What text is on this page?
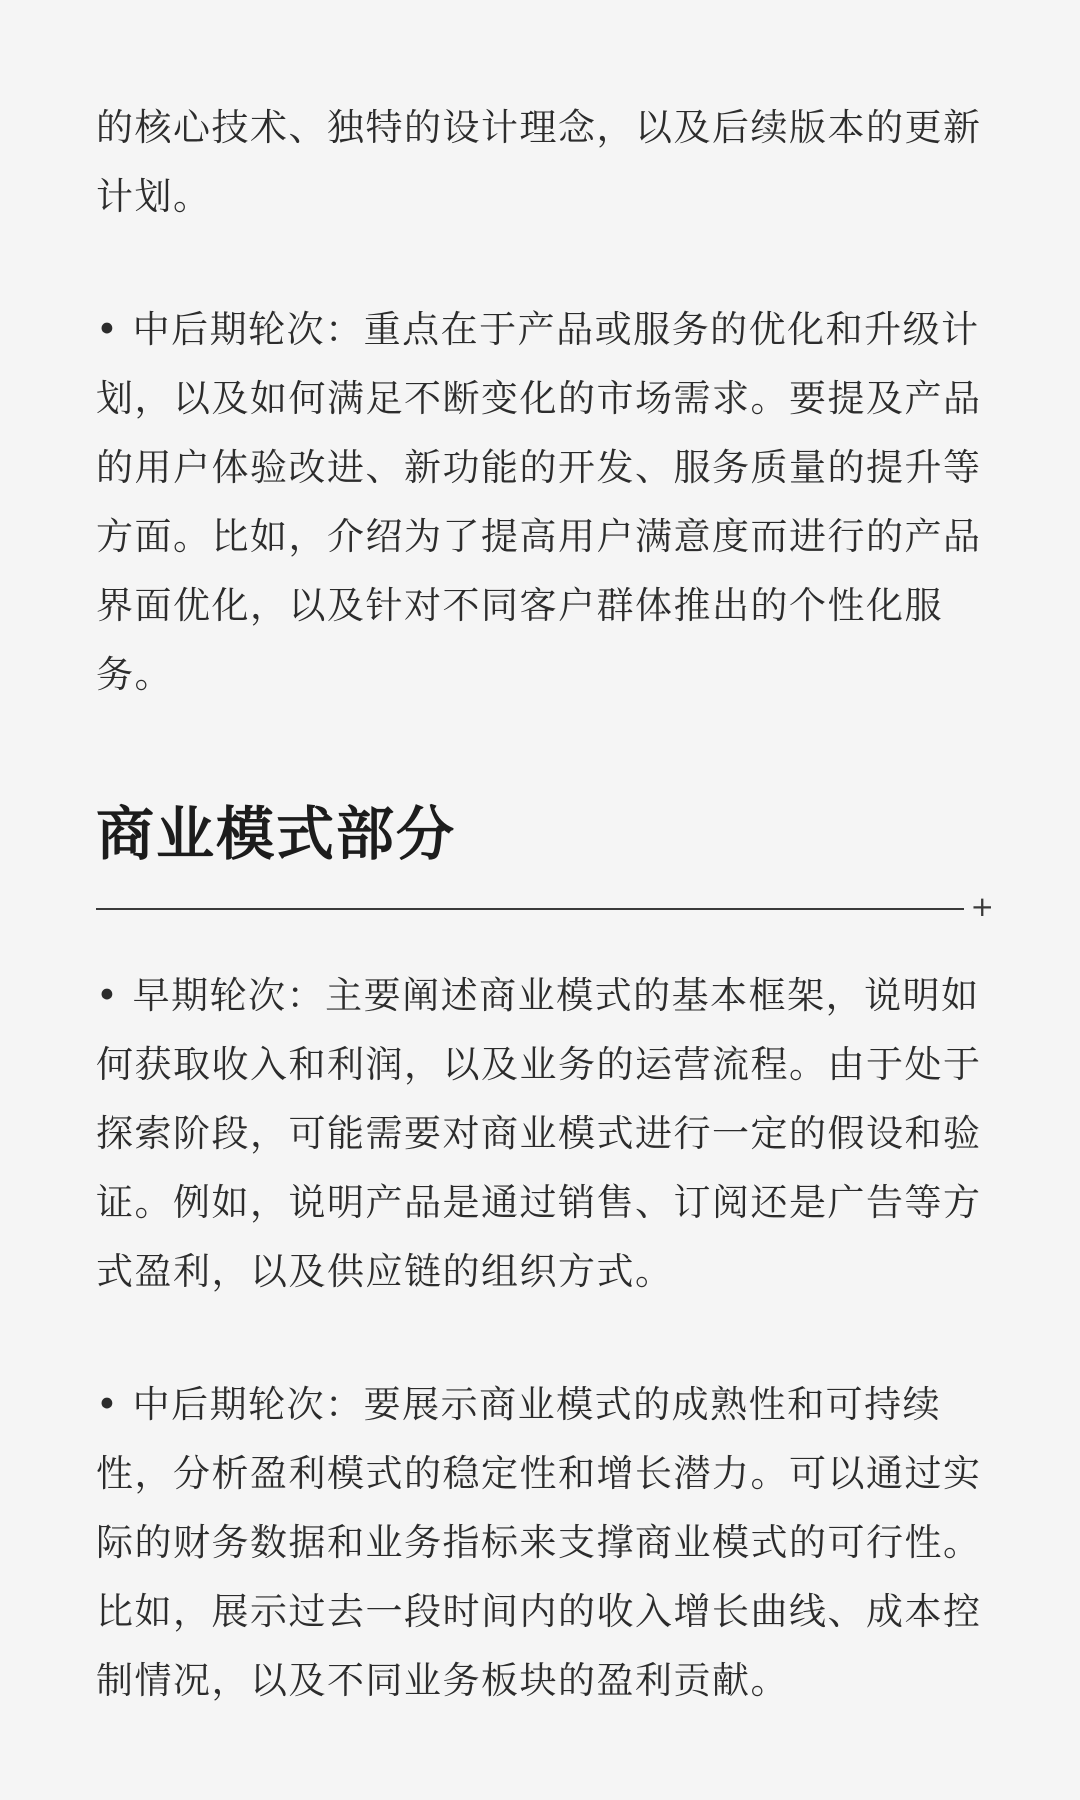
的核心技术、独特的设计理念，以及后续版本的更新计划。

• 中后期轮次：重点在于产品或服务的优化和升级计划，以及如何满足不断变化的市场需求。要提及产品的用户体验改进、新功能的开发、服务质量的提升等方面。比如，介绍为了提高用户满意度而进行的产品界面优化，以及针对不同客户群体推出的个性化服务。

商业模式部分
+

• 早期轮次：主要阐述商业模式的基本框架，说明如何获取收入和利润，以及业务的运营流程。由于处于探索阶段，可能需要对商业模式进行一定的假设和验证。例如，说明产品是通过销售、订阅还是广告等方式盈利，以及供应链的组织方式。

• 中后期轮次：要展示商业模式的成熟性和可持续性，分析盈利模式的稳定性和增长潜力。可以通过实际的财务数据和业务指标来支撑商业模式的可行性。比如，展示过去一段时间内的收入增长曲线、成本控制情况，以及不同业务板块的盈利贡献。
